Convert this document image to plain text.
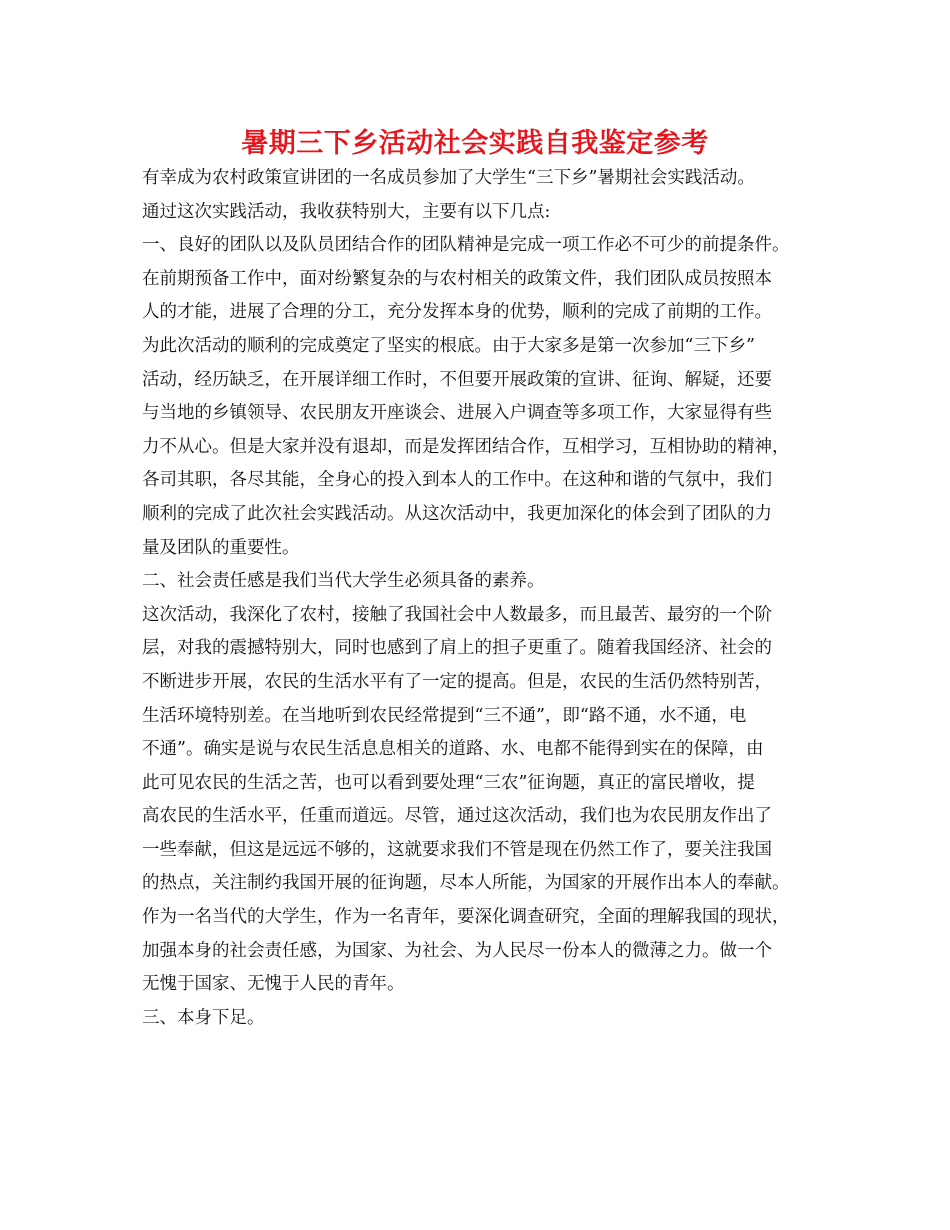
暑期三下乡活动社会实践自我鉴定参考
有幸成为农村政策宣讲团的一名成员参加了大学生“三下乡”暑期社会实践活动。
通过这次实践活动，我收获特别大，主要有以下几点:
一、良好的团队以及队员团结合作的团队精神是完成一项工作必不可少的前提条件。
在前期预备工作中，面对纷繁复杂的与农村相关的政策文件，我们团队成员按照本
人的才能，进展了合理的分工，充分发挥本身的优势，顺利的完成了前期的工作。
为此次活动的顺利的完成奠定了坚实的根底。由于大家多是第一次参加“三下乡”
活动，经历缺乏，在开展详细工作时，不但要开展政策的宣讲、征询、解疑，还要
与当地的乡镇领导、农民朋友开座谈会、进展入户调查等多项工作，大家显得有些
力不从心。但是大家并没有退却，而是发挥团结合作，互相学习，互相协助的精神，
各司其职，各尽其能，全身心的投入到本人的工作中。在这种和谐的气氛中，我们
顺利的完成了此次社会实践活动。从这次活动中，我更加深化的体会到了团队的力
量及团队的重要性。
二、社会责任感是我们当代大学生必须具备的素养。
这次活动，我深化了农村，接触了我国社会中人数最多，而且最苦、最穷的一个阶
层，对我的震撼特别大，同时也感到了肩上的担子更重了。随着我国经济、社会的
不断进步开展，农民的生活水平有了一定的提高。但是，农民的生活仍然特别苦，
生活环境特别差。在当地听到农民经常提到“三不通”，即“路不通，水不通，电
不通”。确实是说与农民生活息息相关的道路、水、电都不能得到实在的保障，由
此可见农民的生活之苦，也可以看到要处理“三农”征询题，真正的富民增收，提
高农民的生活水平，任重而道远。尽管，通过这次活动，我们也为农民朋友作出了
一些奉献，但这是远远不够的，这就要求我们不管是现在仍然工作了，要关注我国
的热点，关注制约我国开展的征询题，尽本人所能，为国家的开展作出本人的奉献。
作为一名当代的大学生，作为一名青年，要深化调查研究，全面的理解我国的现状，
加强本身的社会责任感，为国家、为社会、为人民尽一份本人的微薄之力。做一个
无愧于国家、无愧于人民的青年。
三、本身下足。
